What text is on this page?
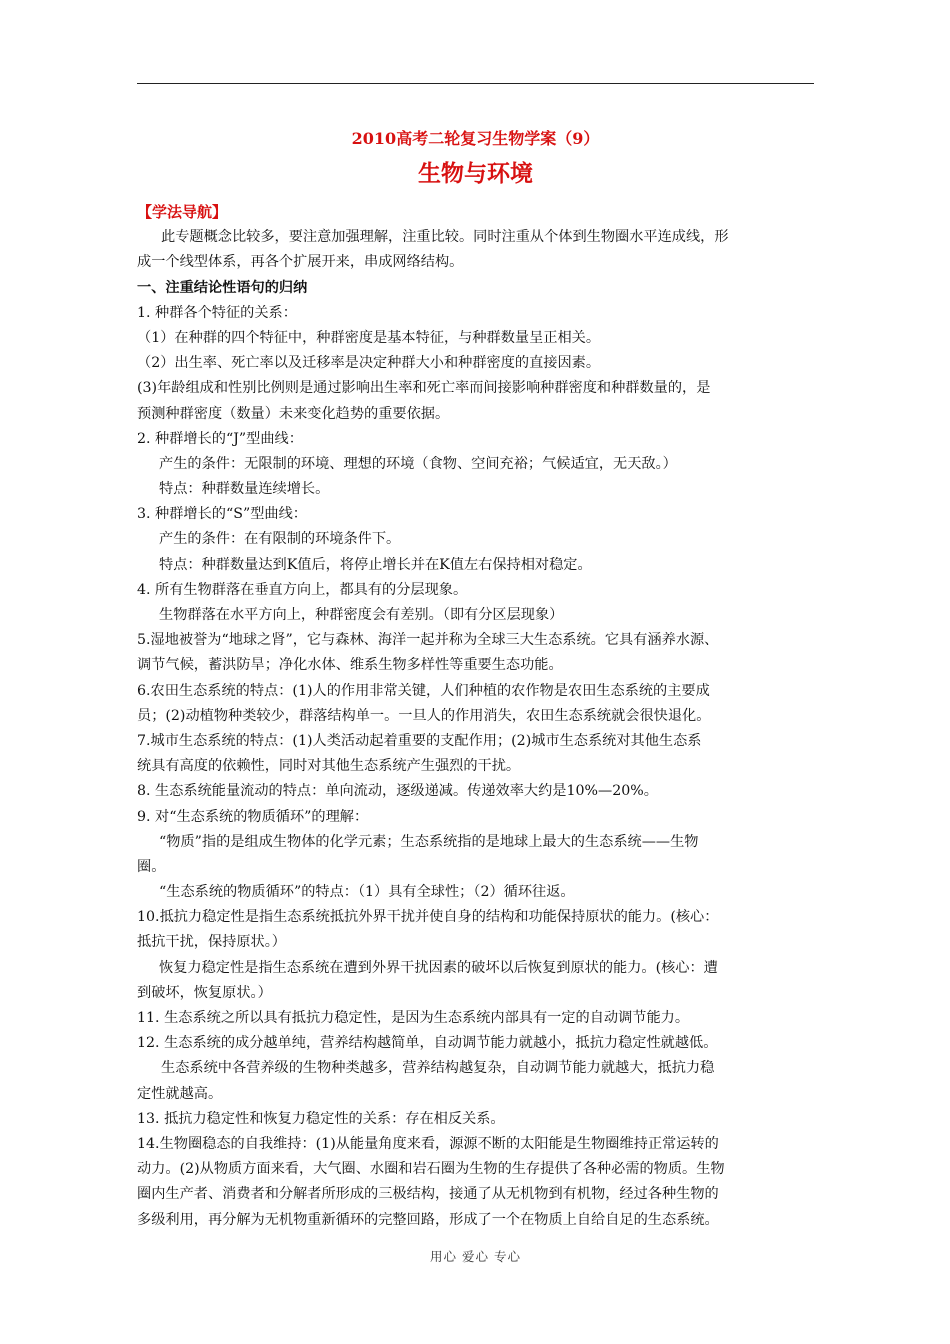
2010高考二轮复习生物学案（9）
生物与环境
【学法导航】
此专题概念比较多，要注意加强理解，注重比较。同时注重从个体到生物圈水平连成线，形
成一个线型体系，再各个扩展开来，串成网络结构。
一、注重结论性语句的归纳
1. 种群各个特征的关系：
（1）在种群的四个特征中，种群密度是基本特征，与种群数量呈正相关。
（2）出生率、死亡率以及迁移率是决定种群大小和种群密度的直接因素。
(3)年龄组成和性别比例则是通过影响出生率和死亡率而间接影响种群密度和种群数量的，是
预测种群密度（数量）未来变化趋势的重要依据。
2. 种群增长的“J”型曲线：
产生的条件：无限制的环境、理想的环境（食物、空间充裕；气候适宜，无天敌。）
特点：种群数量连续增长。
3. 种群增长的“S”型曲线：
产生的条件：在有限制的环境条件下。
特点：种群数量达到K值后，将停止增长并在K值左右保持相对稳定。
4. 所有生物群落在垂直方向上，都具有的分层现象。
生物群落在水平方向上，种群密度会有差别。（即有分区层现象）
5.湿地被誉为“地球之肾”，它与森林、海洋一起并称为全球三大生态系统。它具有涵养水源、
调节气候，蓄洪防旱；净化水体、维系生物多样性等重要生态功能。
6.农田生态系统的特点：(1)人的作用非常关键，人们种植的农作物是农田生态系统的主要成
员；(2)动植物种类较少，群落结构单一。一旦人的作用消失，农田生态系统就会很快退化。
7.城市生态系统的特点：(1)人类活动起着重要的支配作用；(2)城市生态系统对其他生态系
统具有高度的依赖性，同时对其他生态系统产生强烈的干扰。
8. 生态系统能量流动的特点：单向流动，逐级递减。传递效率大约是10%—20%。
9. 对“生态系统的物质循环”的理解：
“物质”指的是组成生物体的化学元素；生态系统指的是地球上最大的生态系统——生物
圈。
“生态系统的物质循环”的特点：（1）具有全球性；（2）循环往返。
10.抵抗力稳定性是指生态系统抵抗外界干扰并使自身的结构和功能保持原状的能力。(核心：
抵抗干扰，保持原状。）
恢复力稳定性是指生态系统在遭到外界干扰因素的破坏以后恢复到原状的能力。(核心：遭
到破坏，恢复原状。）
11. 生态系统之所以具有抵抗力稳定性，是因为生态系统内部具有一定的自动调节能力。
12. 生态系统的成分越单纯，营养结构越简单，自动调节能力就越小，抵抗力稳定性就越低。
生态系统中各营养级的生物种类越多，营养结构越复杂，自动调节能力就越大，抵抗力稳
定性就越高。
13. 抵抗力稳定性和恢复力稳定性的关系：存在相反关系。
14.生物圈稳态的自我维持：(1)从能量角度来看，源源不断的太阳能是生物圈维持正常运转的
动力。(2)从物质方面来看，大气圈、水圈和岩石圈为生物的生存提供了各种必需的物质。生物
圈内生产者、消费者和分解者所形成的三极结构，接通了从无机物到有机物，经过各种生物的
多级利用，再分解为无机物重新循环的完整回路，形成了一个在物质上自给自足的生态系统。
用心 爱心 专心
